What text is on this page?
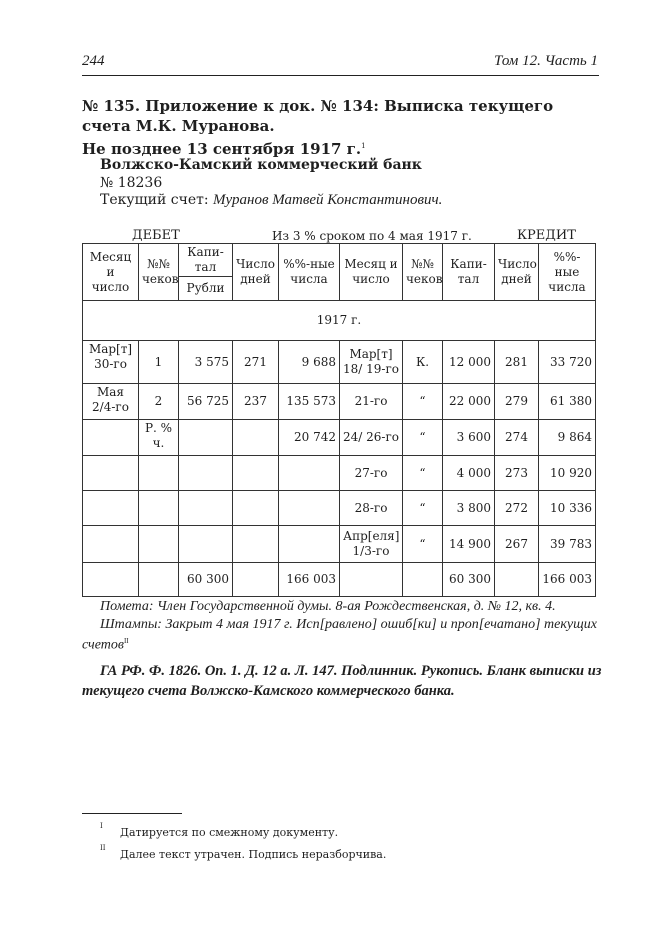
244	Том 12. Часть 1
№ 135. Приложение к док. № 134: Выписка текущего счета М.К. Муранова.
Не позднее 13 сентября 1917 г.$^1$
Волжско-Камский коммерческий банк
№ 18236
Текущий счет: Муранов Матвей Константинович.
ДЕБЕТ	Из 3 % сроком по 4 мая 1917 г.	КРЕДИТ
Месяц и число	№№ чеков	Капи-тал	Число дней	%%-ные числа	Месяц и число	№№ чеков	Капи-тал	Число дней	%%-ные числа
		Рубли							
1917 г.									
Мар[т] 30-го	1	3 575	271	9 688	Мар[т] 18/ 19-го	К.	12 000	281	33 720
Мая 2/4-го	2	56 725	237	135 573	21-го	“	22 000	279	61 380
	Р. % ч.			20 742	24/ 26-го	“	3 600	274	9 864
					27-го	“	4 000	273	10 920
					28-го	“	3 800	272	10 336
					Апр[еля] 1/3-го	“	14 900	267	39 783
		60 300		166 003			60 300		166 003
Помета: Член Государственной думы. 8-ая Рождественская, д. № 12, кв. 4.
Штампы: Закрыт 4 мая 1917 г. Исп[равлено] ошиб[ки] и проп[ечатано] текущих счетов$^{II}$
ГА РФ. Ф. 1826. Оп. 1. Д. 12 а. Л. 147. Подлинник. Рукопись. Бланк выписки из текущего счета Волжско-Камского коммерческого банка.
I Датируется по смежному документу.
II Далее текст утрачен. Подпись неразборчива.
